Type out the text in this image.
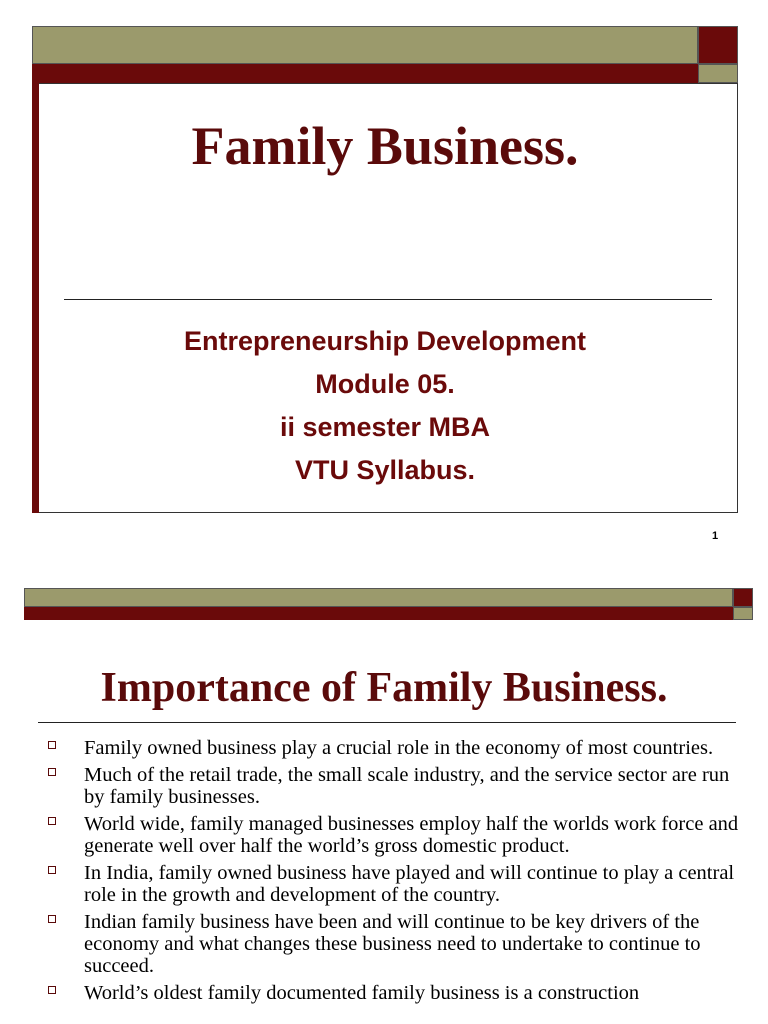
Family Business.
Entrepreneurship Development
Module 05.
ii semester MBA
VTU Syllabus.
1
Importance of Family Business.
Family owned business play a crucial role in the economy of most countries.
Much of the retail trade, the small scale industry, and the service sector are run by family businesses.
World wide, family managed businesses employ half the worlds work force and generate well over half the world’s gross domestic product.
In India, family owned business have played and will continue to play a central role in the growth and development of the country.
Indian family business have been and will continue to be key drivers of the economy and what changes these business need to undertake to continue to succeed.
World’s oldest family documented family business is a construction
